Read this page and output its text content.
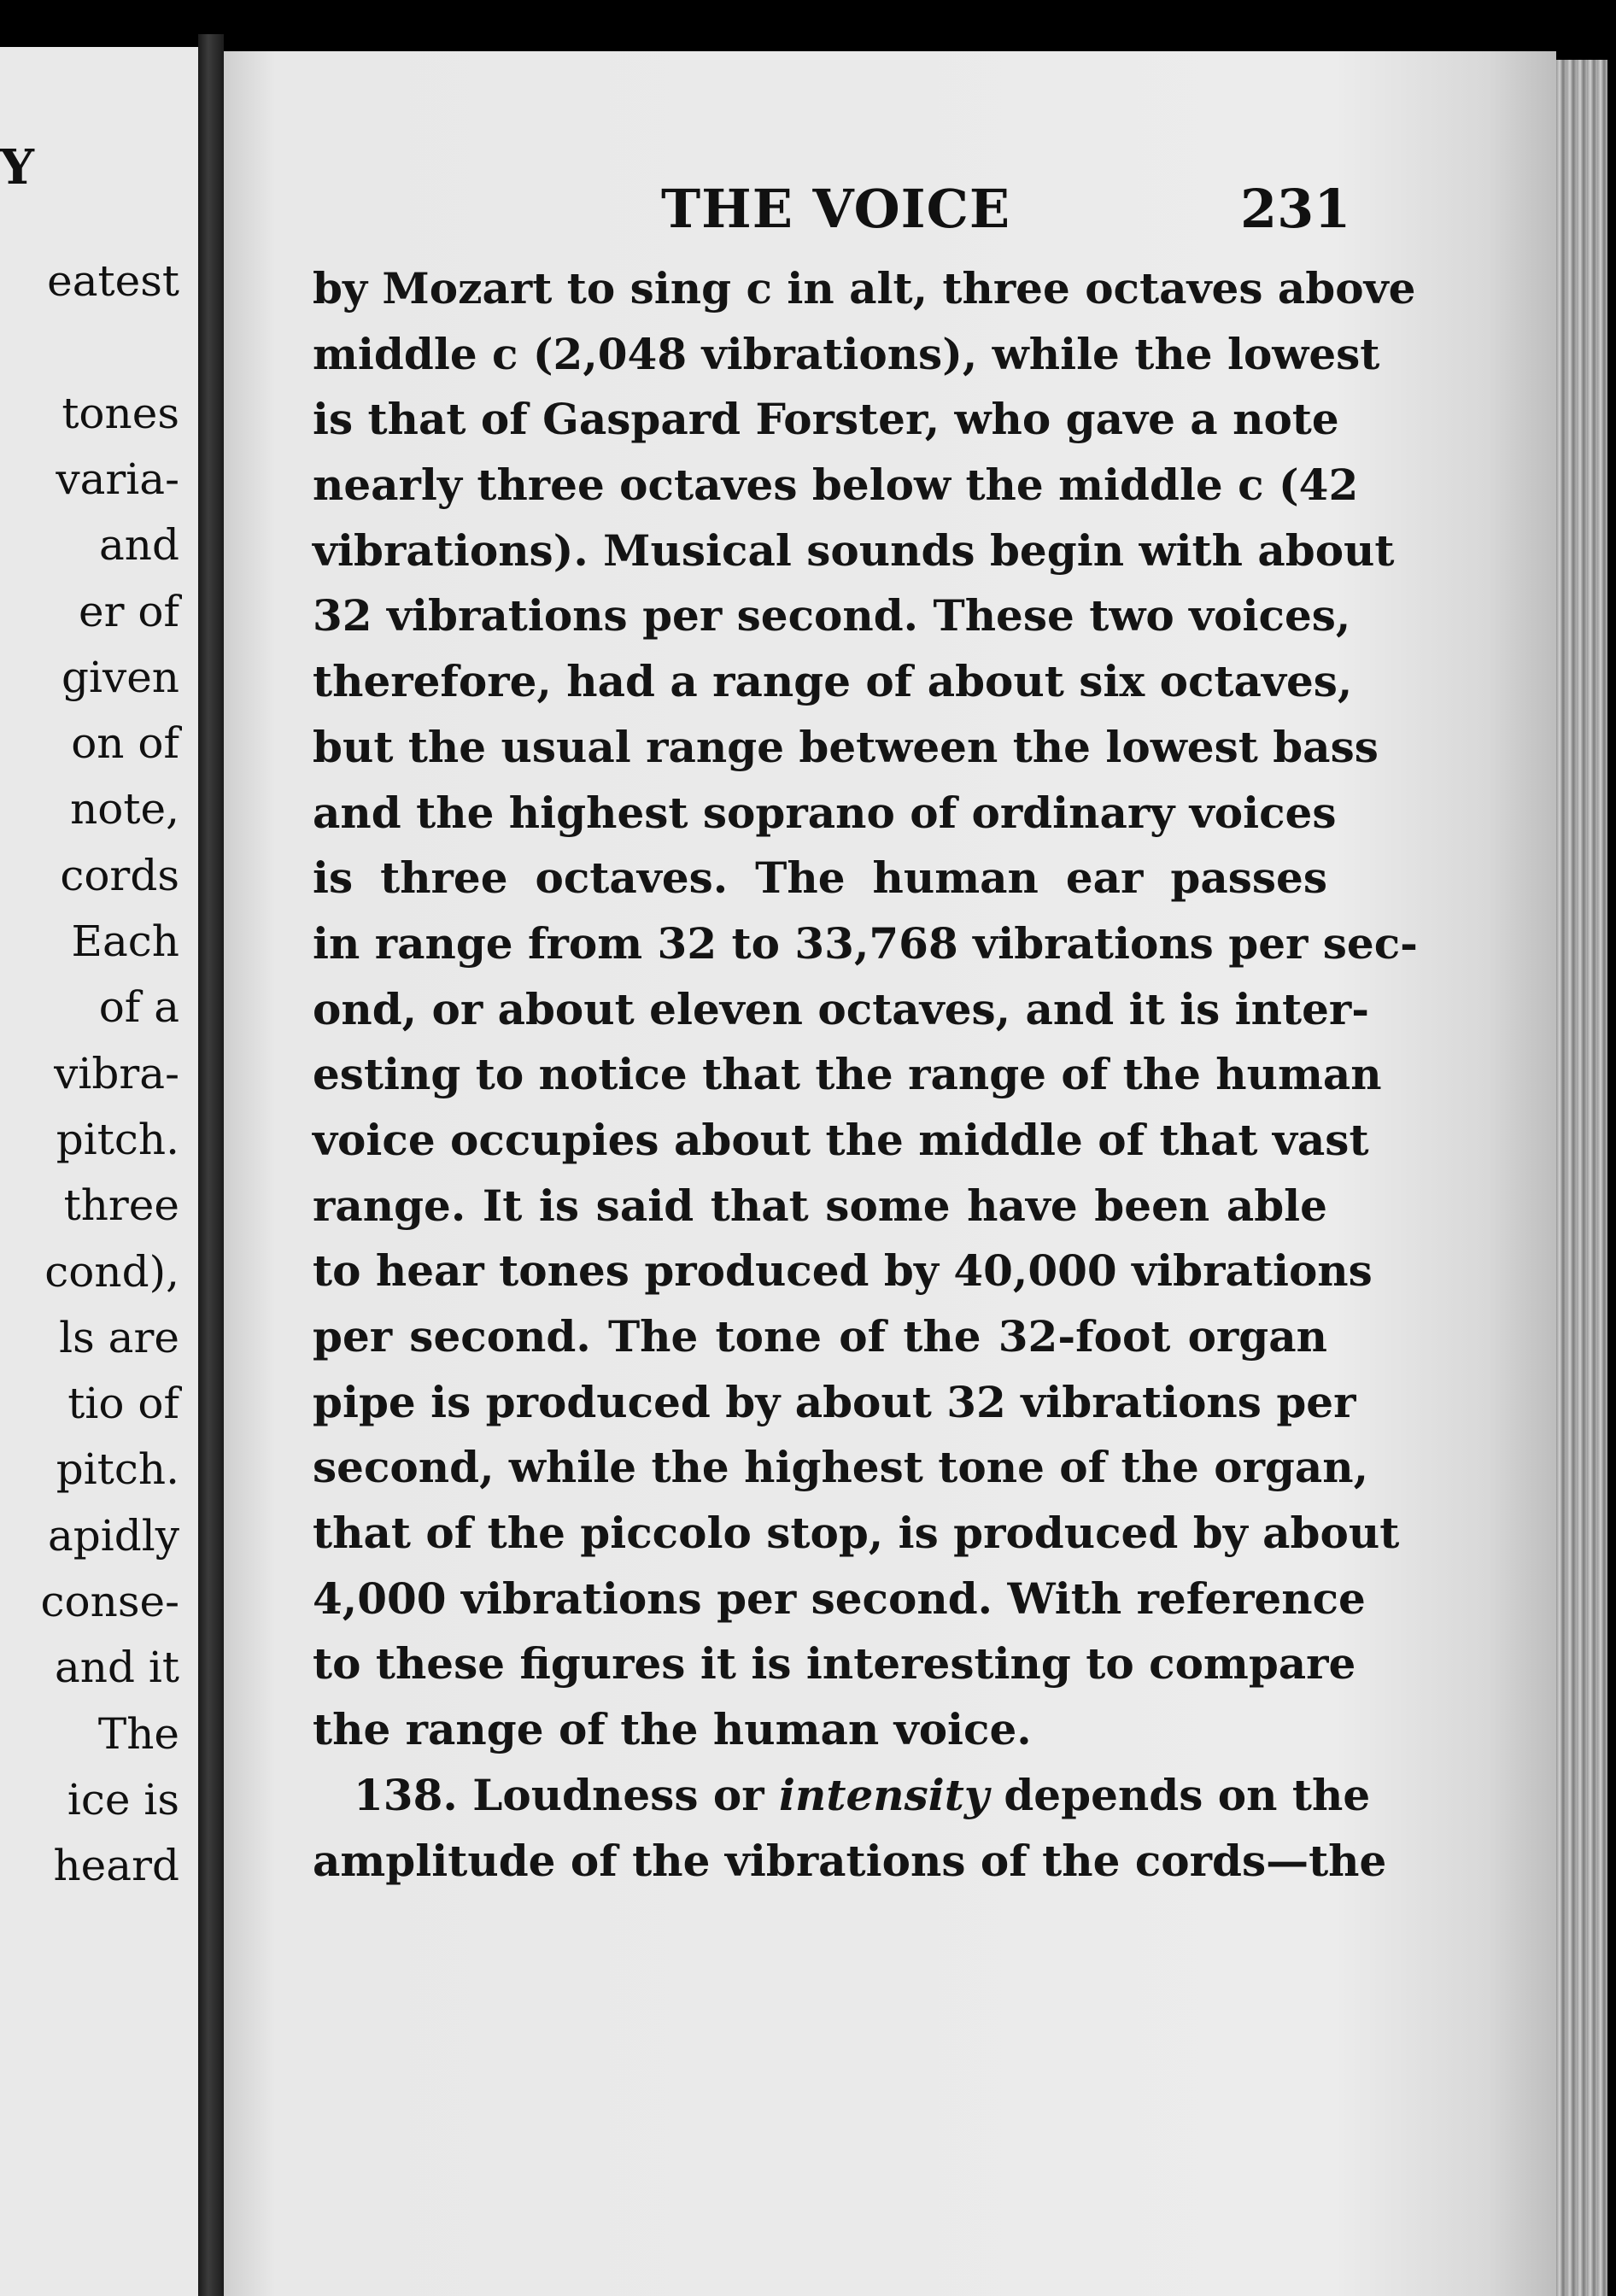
Y
eatest
tones
varia-
and
er of
given
on of
note,
cords
Each
of a
vibra-
pitch.
three
cond),
ls are
tio of
pitch.
apidly
conse-
and it
The
ice is
heard
THE VOICE	231
by Mozart to sing c in alt, three octaves above
middle c (2,048 vibrations), while the lowest
is that of Gaspard Forster, who gave a note
nearly three octaves below the middle c (42
vibrations). Musical sounds begin with about
32 vibrations per second. These two voices,
therefore, had a range of about six octaves,
but the usual range between the lowest bass
and the highest soprano of ordinary voices
is three octaves. The human ear passes
in range from 32 to 33,768 vibrations per sec-
ond, or about eleven octaves, and it is inter-
esting to notice that the range of the human
voice occupies about the middle of that vast
range. It is said that some have been able
to hear tones produced by 40,000 vibrations
per second. The tone of the 32-foot organ
pipe is produced by about 32 vibrations per
second, while the highest tone of the organ,
that of the piccolo stop, is produced by about
4,000 vibrations per second. With reference
to these figures it is interesting to compare
the range of the human voice.
138. Loudness or intensity depends on the
amplitude of the vibrations of the cords—the
